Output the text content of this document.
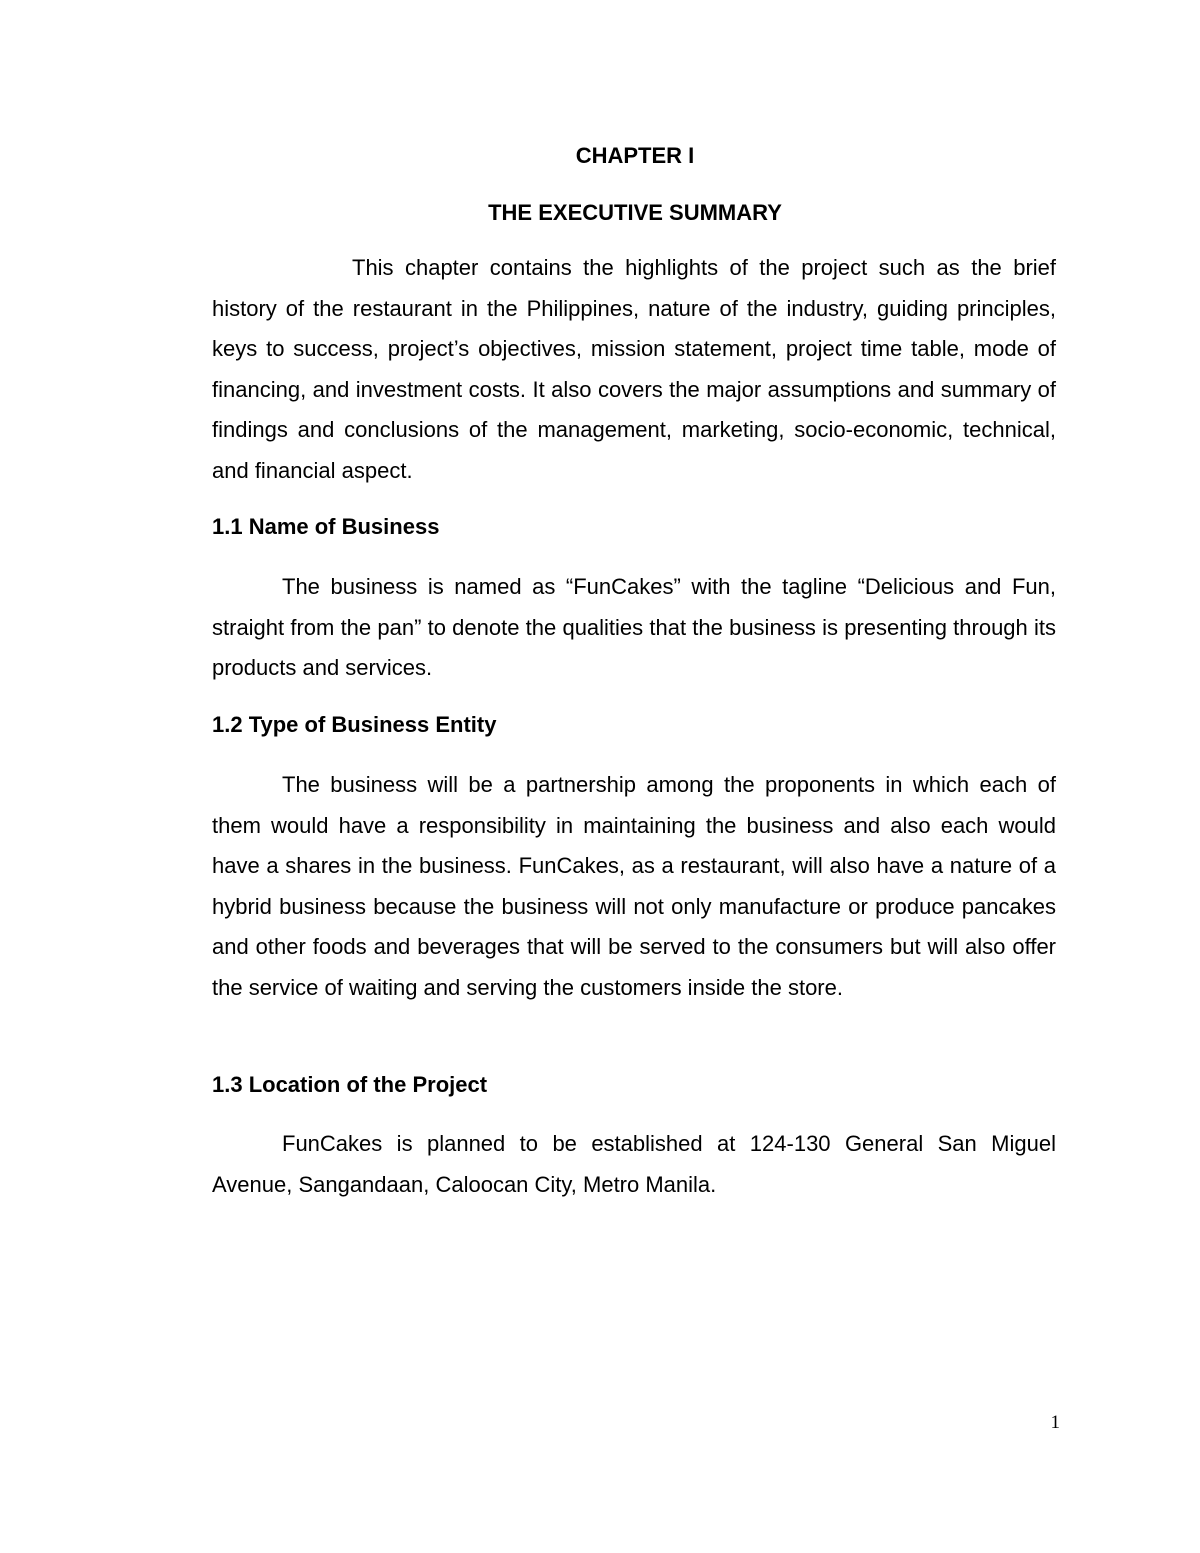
CHAPTER I
THE EXECUTIVE SUMMARY

This chapter contains the highlights of the project such as the brief history of the restaurant in the Philippines, nature of the industry, guiding principles, keys to success, project’s objectives, mission statement, project time table, mode of financing, and investment costs. It also covers the major assumptions and summary of findings and conclusions of the management, marketing, socio-economic, technical, and financial aspect.

1.1 Name of Business

The business is named as “FunCakes” with the tagline “Delicious and Fun, straight from the pan” to denote the qualities that the business is presenting through its products and services.

1.2 Type of Business Entity

The business will be a partnership among the proponents in which each of them would have a responsibility in maintaining the business and also each would have a shares in the business. FunCakes, as a restaurant, will also have a nature of a hybrid business because the business will not only manufacture or produce pancakes and other foods and beverages that will be served to the consumers but will also offer the service of waiting and serving the customers inside the store.

1.3 Location of the Project

FunCakes is planned to be established at 124-130 General San Miguel Avenue, Sangandaan, Caloocan City, Metro Manila.

1
